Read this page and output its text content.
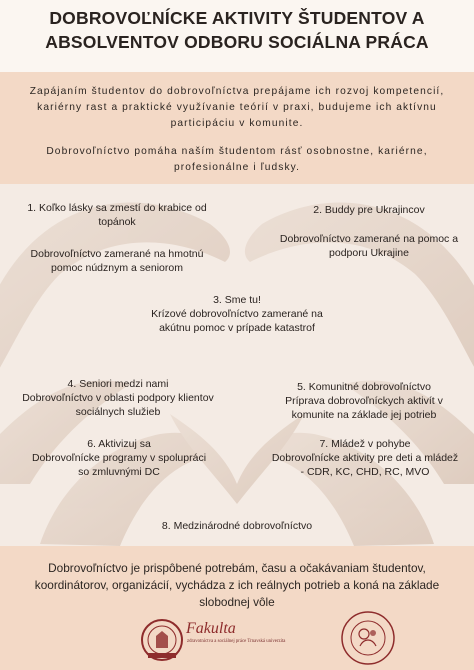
DOBROVOĽNÍCKE AKTIVITY ŠTUDENTOV A
ABSOLVENTOV ODBORU SOCIÁLNA PRÁCA

Zapájaním študentov do dobrovoľníctva prepájame ich rozvoj kompetencií, kariérny rast a praktické využívanie teórií v praxi, budujeme ich aktívnu participáciu v komunite.

Dobrovoľníctvo pomáha naším študentom rásť osobnostne, kariérne, profesionálne i ľudsky.

1. Koľko lásky sa zmestí do krabice od topánok
Dobrovoľníctvo zamerané na hmotnú pomoc núdznym a seniorom
2. Buddy pre Ukrajincov
Dobrovoľníctvo zamerané na pomoc a podporu Ukrajine
3. Sme tu!
Krízové dobrovoľníctvo zamerané na akútnu pomoc v prípade katastrof
4. Seniori medzi nami
Dobrovoľníctvo v oblasti podpory klientov sociálnych služieb
5. Komunitné dobrovoľníctvo
Príprava dobrovoľníckych aktivít v komunite na základe jej potrieb
6. Aktivizuj sa
Dobrovoľnícke programy v spolupráci so zmluvnými DC
7. Mládež v pohybe
Dobrovoľnícke aktivity pre deti a mládež - CDR, KC, CHD, RC, MVO
8. Medzinárodné dobrovoľníctvo
Dobrovoľníctvo je prispôbené potrebám, času a očakávaniam študentov, koordinátorov, organizácií, vychádza z ich reálnych potrieb a koná na základe slobodnej vôle
Fakulta
zdravotníctva a sociálnej práce Trnavská univerzita
